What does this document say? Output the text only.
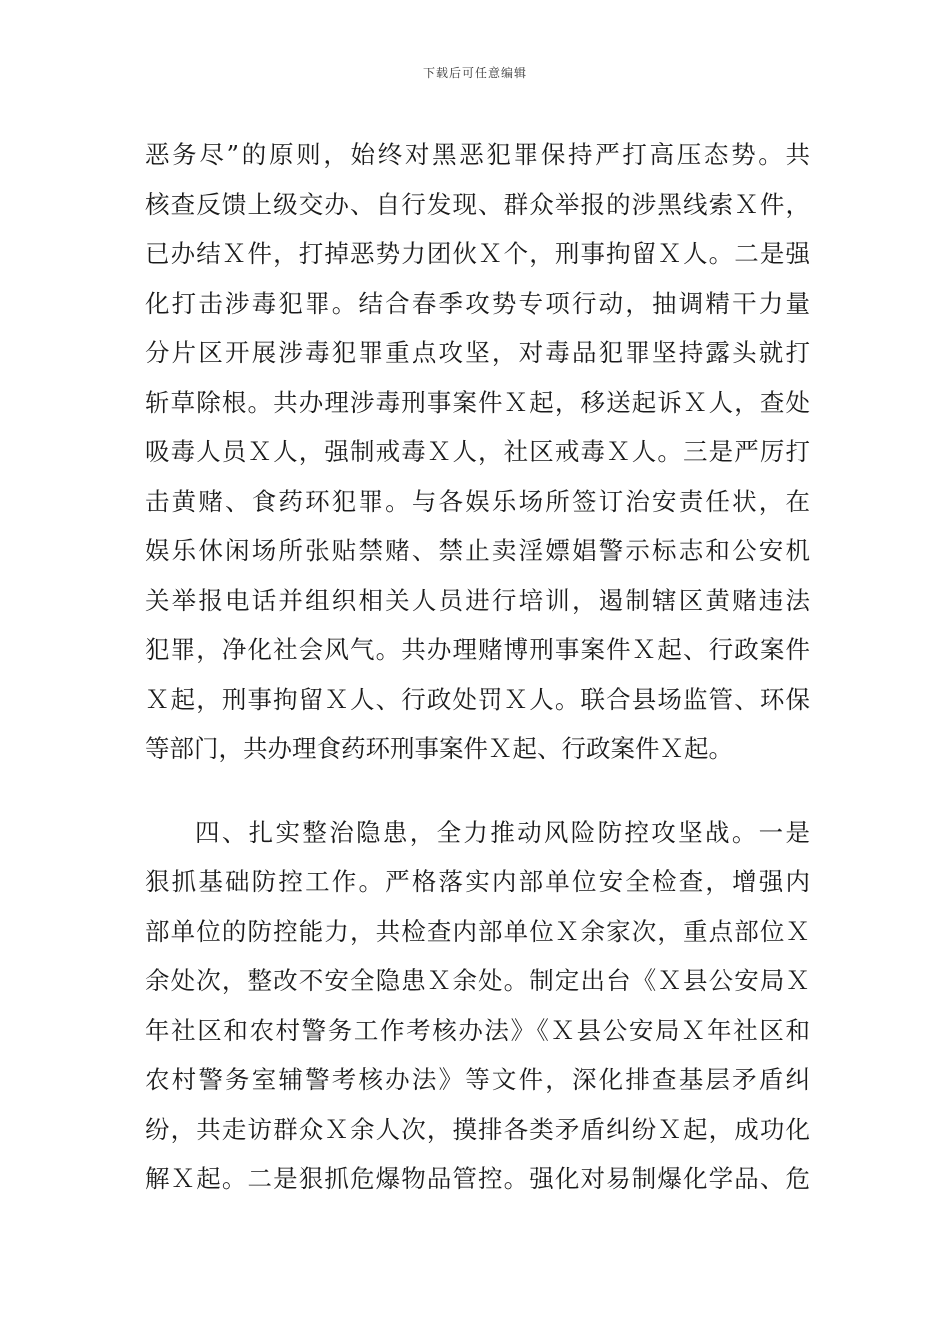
下载后可任意编辑
恶务尽”的原则，始终对黑恶犯罪保持严打高压态势。共
核查反馈上级交办、自行发现、群众举报的涉黑线索Ｘ件，
已办结Ｘ件，打掉恶势力团伙Ｘ个，刑事拘留Ｘ人。二是强
化打击涉毒犯罪。结合春季攻势专项行动，抽调精干力量
分片区开展涉毒犯罪重点攻坚，对毒品犯罪坚持露头就打
斩草除根。共办理涉毒刑事案件Ｘ起，移送起诉Ｘ人，查处
吸毒人员Ｘ人，强制戒毒Ｘ人，社区戒毒Ｘ人。三是严厉打
击黄赌、食药环犯罪。与各娱乐场所签订治安责任状，在
娱乐休闲场所张贴禁赌、禁止卖淫嫖娼警示标志和公安机
关举报电话并组织相关人员进行培训，遏制辖区黄赌违法
犯罪，净化社会风气。共办理赌博刑事案件Ｘ起、行政案件
Ｘ起，刑事拘留Ｘ人、行政处罚Ｘ人。联合县场监管、环保
等部门，共办理食药环刑事案件Ｘ起、行政案件Ｘ起。
四、扎实整治隐患，全力推动风险防控攻坚战。一是
狠抓基础防控工作。严格落实内部单位安全检查，增强内
部单位的防控能力，共检查内部单位Ｘ余家次，重点部位Ｘ
余处次，整改不安全隐患Ｘ余处。制定出台《Ｘ县公安局Ｘ
年社区和农村警务工作考核办法》《Ｘ县公安局Ｘ年社区和
农村警务室辅警考核办法》等文件，深化排查基层矛盾纠
纷，共走访群众Ｘ余人次，摸排各类矛盾纠纷Ｘ起，成功化
解Ｘ起。二是狠抓危爆物品管控。强化对易制爆化学品、危
